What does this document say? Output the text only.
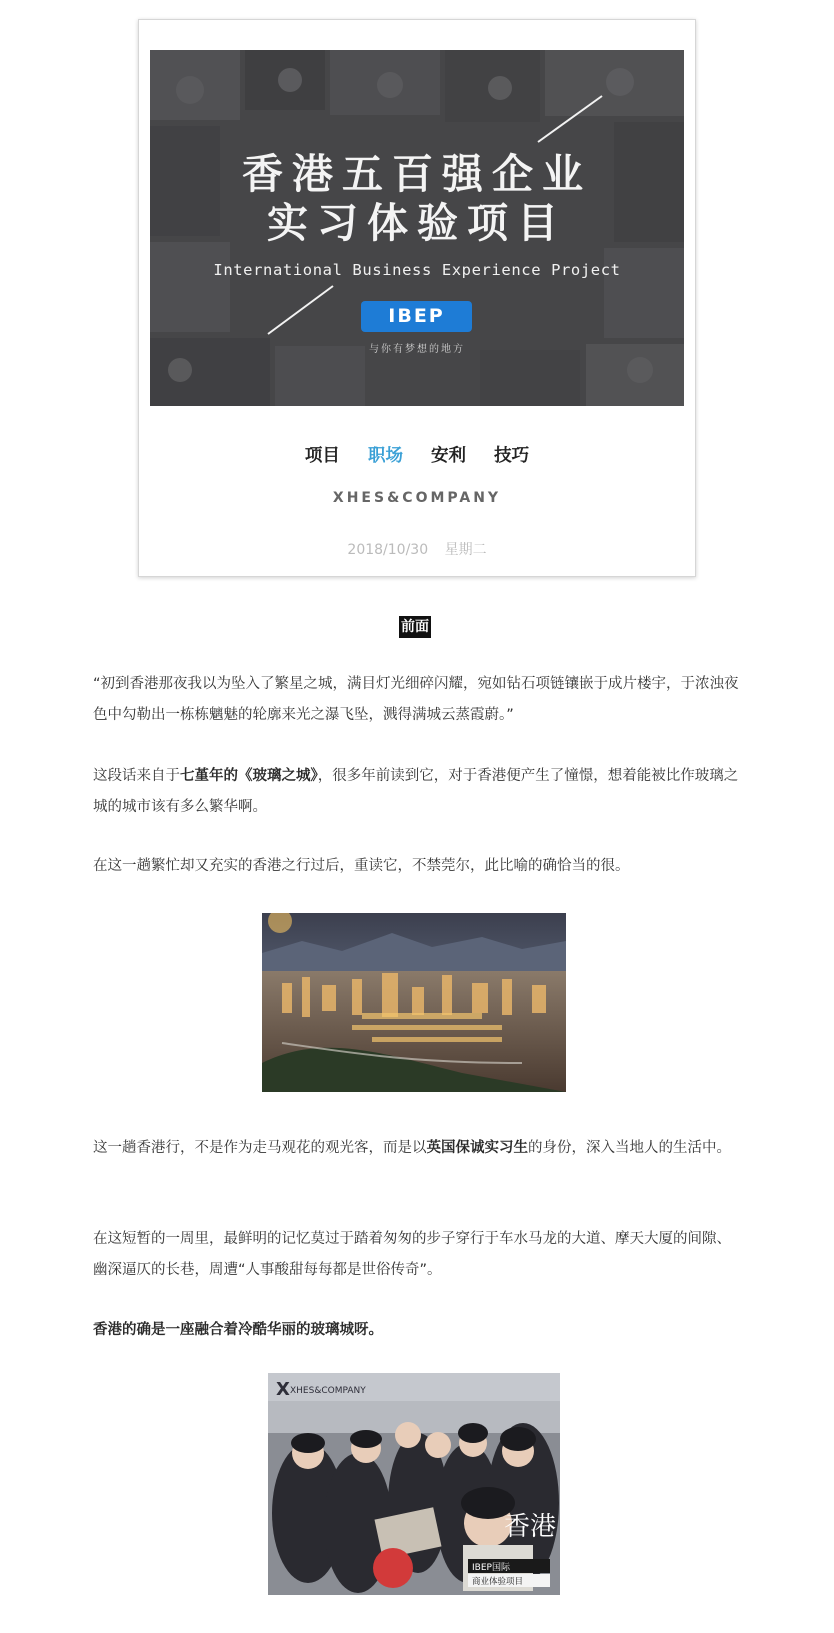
香港五百强企业
实习体验项目
International Business Experience Project
IBEP
与你有梦想的地方
项目 职场 安利 技巧
XHES&COMPANY
2018/10/30 星期二
前面
“初到香港那夜我以为坠入了繁星之城，满目灯光细碎闪耀，宛如钻石项链镶嵌于成片楼宇，于浓浊夜色中勾勒出一栋栋魑魅的轮廓来光之瀑飞坠，溅得满城云蒸霞蔚。”
这段话来自于七堇年的《玻璃之城》，很多年前读到它，对于香港便产生了憧憬，想着能被比作玻璃之城的城市该有多么繁华啊。
在这一趟繁忙却又充实的香港之行过后，重读它，不禁莞尔，此比喻的确恰当的很。
这一趟香港行，不是作为走马观花的观光客，而是以英国保诚实习生的身份，深入当地人的生活中。
在这短暂的一周里，最鲜明的记忆莫过于踏着匆匆的步子穿行于车水马龙的大道、摩天大厦的间隙、幽深逼仄的长巷，周遭“人事酸甜每每都是世俗传奇”。
香港的确是一座融合着冷酷华丽的玻璃城呀。
X XHES&COMPANY
香港
IBEP国际
商业体验项目
